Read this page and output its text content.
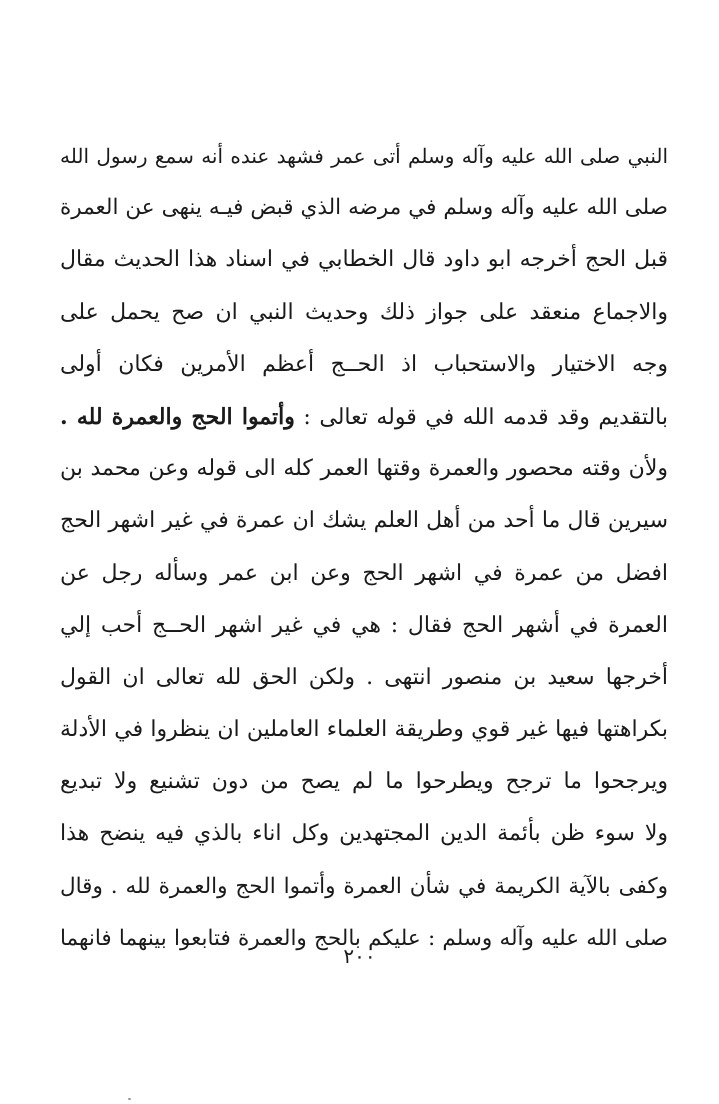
النبي صلى الله عليه وآله وسلم أتى عمر فشهد عنده أنه سمع رسول الله
صلى الله عليه وآله وسلم في مرضه الذي قبض فيـه ينهى عن العمرة
قبل الحج أخرجه ابو داود قال الخطابي في اسناد هذا الحديث مقال
والاجماع منعقد على جواز ذلك وحديث النبي ان صح يحمل على
وجه الاختيار والاستحباب اذ الحــج أعظم الأمرين فكان أولى
بالتقديم وقد قدمه الله في قوله تعالى : وأتموا الحج والعمرة لله .
ولأن وقته محصور والعمرة وقتها العمر كله الى قوله وعن محمد بن
سيرين قال ما أحد من أهل العلم يشك ان عمرة في غير اشهر الحج
افضل من عمرة في اشهر الحج وعن ابن عمر وسأله رجل عن
العمرة في أشهر الحج فقال : هي في غير اشهر الحــج أحب إلي
أخرجها سعيد بن منصور انتهى . ولكن الحق لله تعالى ان القول
بكراهتها فيها غير قوي وطريقة العلماء العاملين ان ينظروا في الأدلة
ويرجحوا ما ترجح ويطرحوا ما لم يصح من دون تشنيع ولا تبديع
ولا سوء ظن بأئمة الدين المجتهدين وكل اناء بالذي فيه ينضح هذا
وكفى بالآية الكريمة في شأن العمرة وأتموا الحج والعمرة لله . وقال
صلى الله عليه وآله وسلم : عليكم بالحج والعمرة فتابعوا بينهما فانهما
٢٠٠
